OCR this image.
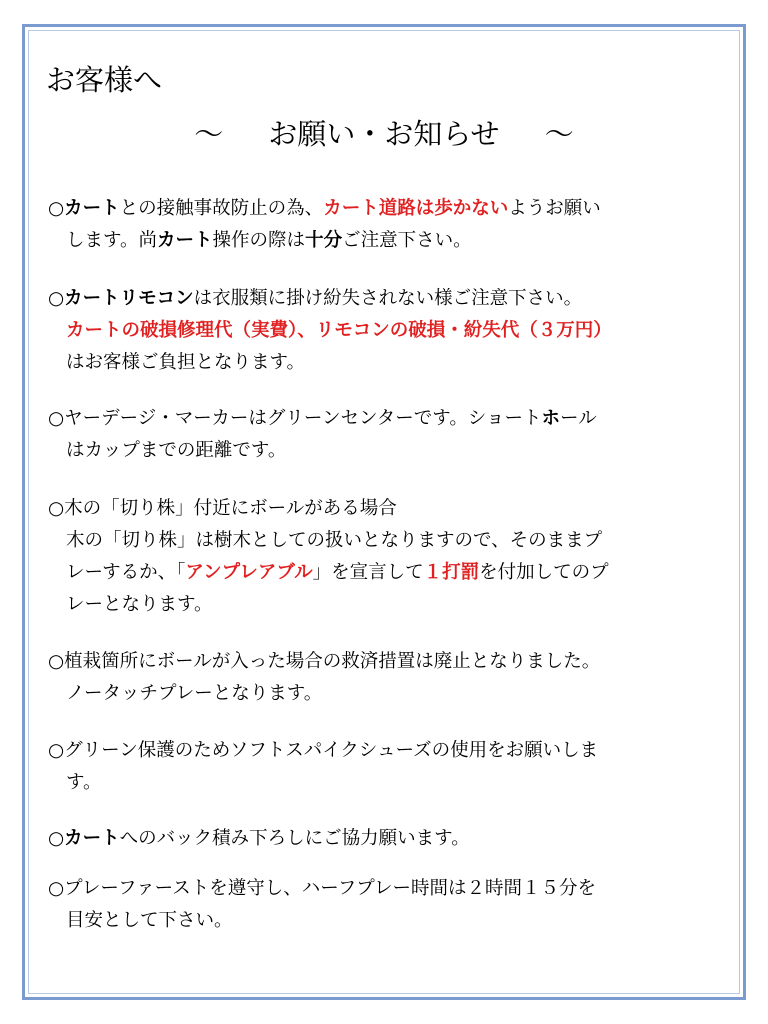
お客様へ
～ お願い・お知らせ ～
○カートとの接触事故防止の為、カート道路は歩かないようお願い
します。尚カート操作の際は十分ご注意下さい。
○カートリモコンは衣服類に掛け紛失されない様ご注意下さい。
カートの破損修理代（実費）、リモコンの破損・紛失代（３万円）
はお客様ご負担となります。
○ヤーデージ・マーカーはグリーンセンターです。ショートホール
はカップまでの距離です。
○木の「切り株」付近にボールがある場合
木の「切り株」は樹木としての扱いとなりますので、そのままプ
レーするか、「アンプレアブル」を宣言して１打罰を付加してのプ
レーとなります。
○植栽箇所にボールが入った場合の救済措置は廃止となりました。
ノータッチプレーとなります。
○グリーン保護のためソフトスパイクシューズの使用をお願いしま
す。
○カートへのバック積み下ろしにご協力願います。
○プレーファーストを遵守し、ハーフプレー時間は２時間１５分を
目安として下さい。
